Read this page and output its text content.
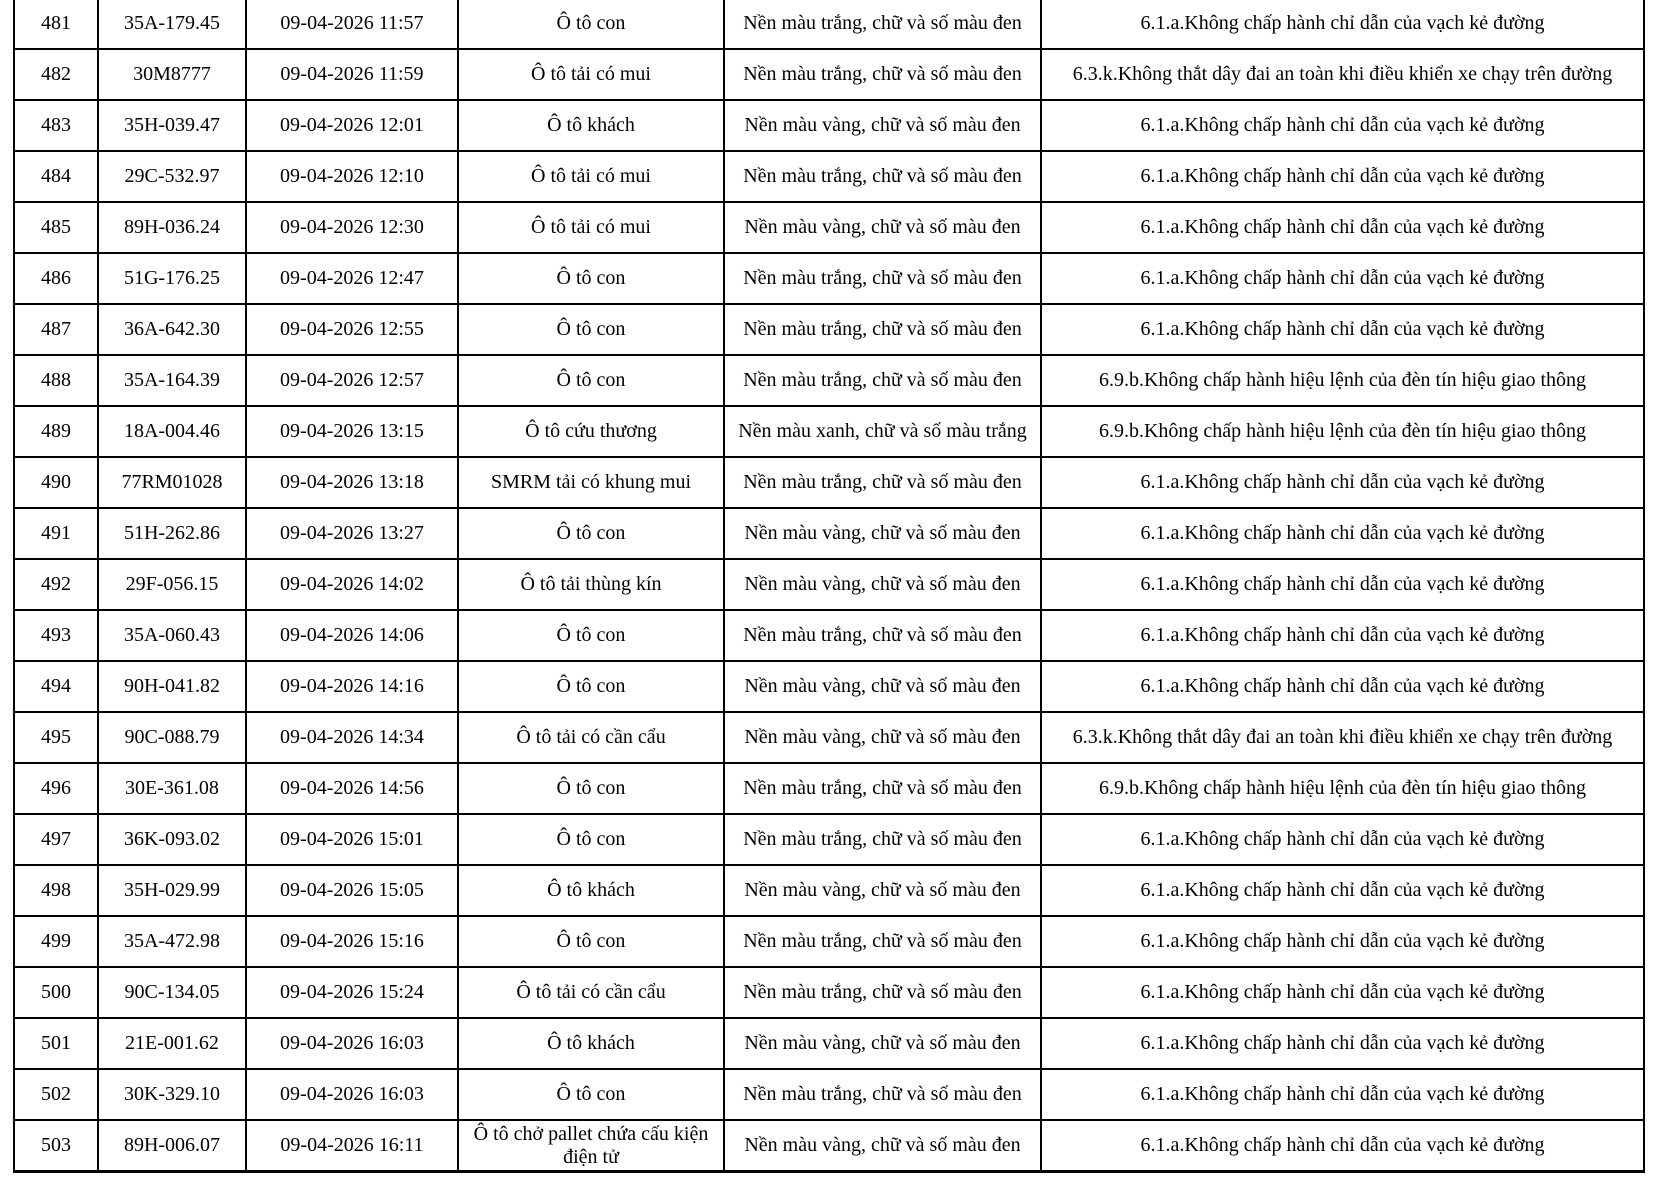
481	35A-179.45	09-04-2026 11:57	Ô tô con	Nền màu trắng, chữ và số màu đen	6.1.a.Không chấp hành chỉ dẫn của vạch kẻ đường
482	30M8777	09-04-2026 11:59	Ô tô tải có mui	Nền màu trắng, chữ và số màu đen	6.3.k.Không thắt dây đai an toàn khi điều khiển xe chạy trên đường
483	35H-039.47	09-04-2026 12:01	Ô tô khách	Nền màu vàng, chữ và số màu đen	6.1.a.Không chấp hành chỉ dẫn của vạch kẻ đường
484	29C-532.97	09-04-2026 12:10	Ô tô tải có mui	Nền màu trắng, chữ và số màu đen	6.1.a.Không chấp hành chỉ dẫn của vạch kẻ đường
485	89H-036.24	09-04-2026 12:30	Ô tô tải có mui	Nền màu vàng, chữ và số màu đen	6.1.a.Không chấp hành chỉ dẫn của vạch kẻ đường
486	51G-176.25	09-04-2026 12:47	Ô tô con	Nền màu trắng, chữ và số màu đen	6.1.a.Không chấp hành chỉ dẫn của vạch kẻ đường
487	36A-642.30	09-04-2026 12:55	Ô tô con	Nền màu trắng, chữ và số màu đen	6.1.a.Không chấp hành chỉ dẫn của vạch kẻ đường
488	35A-164.39	09-04-2026 12:57	Ô tô con	Nền màu trắng, chữ và số màu đen	6.9.b.Không chấp hành hiệu lệnh của đèn tín hiệu giao thông
489	18A-004.46	09-04-2026 13:15	Ô tô cứu thương	Nền màu xanh, chữ và số màu trắng	6.9.b.Không chấp hành hiệu lệnh của đèn tín hiệu giao thông
490	77RM01028	09-04-2026 13:18	SMRM tải có khung mui	Nền màu trắng, chữ và số màu đen	6.1.a.Không chấp hành chỉ dẫn của vạch kẻ đường
491	51H-262.86	09-04-2026 13:27	Ô tô con	Nền màu vàng, chữ và số màu đen	6.1.a.Không chấp hành chỉ dẫn của vạch kẻ đường
492	29F-056.15	09-04-2026 14:02	Ô tô tải thùng kín	Nền màu vàng, chữ và số màu đen	6.1.a.Không chấp hành chỉ dẫn của vạch kẻ đường
493	35A-060.43	09-04-2026 14:06	Ô tô con	Nền màu trắng, chữ và số màu đen	6.1.a.Không chấp hành chỉ dẫn của vạch kẻ đường
494	90H-041.82	09-04-2026 14:16	Ô tô con	Nền màu vàng, chữ và số màu đen	6.1.a.Không chấp hành chỉ dẫn của vạch kẻ đường
495	90C-088.79	09-04-2026 14:34	Ô tô tải có cần cẩu	Nền màu vàng, chữ và số màu đen	6.3.k.Không thắt dây đai an toàn khi điều khiển xe chạy trên đường
496	30E-361.08	09-04-2026 14:56	Ô tô con	Nền màu trắng, chữ và số màu đen	6.9.b.Không chấp hành hiệu lệnh của đèn tín hiệu giao thông
497	36K-093.02	09-04-2026 15:01	Ô tô con	Nền màu trắng, chữ và số màu đen	6.1.a.Không chấp hành chỉ dẫn của vạch kẻ đường
498	35H-029.99	09-04-2026 15:05	Ô tô khách	Nền màu vàng, chữ và số màu đen	6.1.a.Không chấp hành chỉ dẫn của vạch kẻ đường
499	35A-472.98	09-04-2026 15:16	Ô tô con	Nền màu trắng, chữ và số màu đen	6.1.a.Không chấp hành chỉ dẫn của vạch kẻ đường
500	90C-134.05	09-04-2026 15:24	Ô tô tải có cần cẩu	Nền màu trắng, chữ và số màu đen	6.1.a.Không chấp hành chỉ dẫn của vạch kẻ đường
501	21E-001.62	09-04-2026 16:03	Ô tô khách	Nền màu vàng, chữ và số màu đen	6.1.a.Không chấp hành chỉ dẫn của vạch kẻ đường
502	30K-329.10	09-04-2026 16:03	Ô tô con	Nền màu trắng, chữ và số màu đen	6.1.a.Không chấp hành chỉ dẫn của vạch kẻ đường
503	89H-006.07	09-04-2026 16:11	Ô tô chở pallet chứa cấu kiện điện tử	Nền màu vàng, chữ và số màu đen	6.1.a.Không chấp hành chỉ dẫn của vạch kẻ đường
